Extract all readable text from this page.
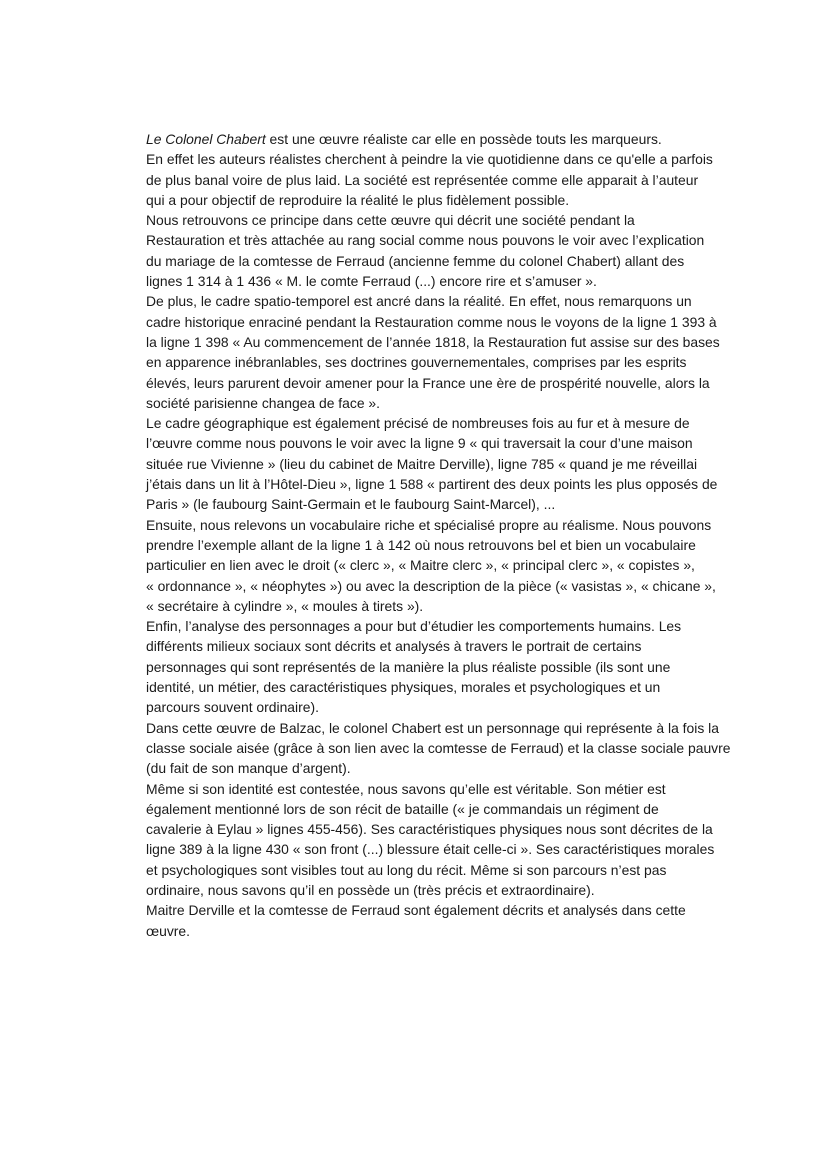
Le Colonel Chabert est une œuvre réaliste car elle en possède touts les marqueurs.
En effet les auteurs réalistes cherchent à peindre la vie quotidienne dans ce qu'elle a parfois
de plus banal voire de plus laid. La société est représentée comme elle apparait à l’auteur
qui a pour objectif de reproduire la réalité le plus fidèlement possible.
Nous retrouvons ce principe dans cette œuvre qui décrit une société pendant la
Restauration et très attachée au rang social comme nous pouvons le voir avec l’explication
du mariage de la comtesse de Ferraud (ancienne femme du colonel Chabert) allant des
lignes 1 314 à 1 436 « M. le comte Ferraud (...) encore rire et s’amuser ».
De plus, le cadre spatio-temporel est ancré dans la réalité. En effet, nous remarquons un
cadre historique enraciné pendant la Restauration comme nous le voyons de la ligne 1 393 à
la ligne 1 398 « Au commencement de l’année 1818, la Restauration fut assise sur des bases
en apparence inébranlables, ses doctrines gouvernementales, comprises par les esprits
élevés, leurs parurent devoir amener pour la France une ère de prospérité nouvelle, alors la
société parisienne changea de face ».
Le cadre géographique est également précisé de nombreuses fois au fur et à mesure de
l’œuvre comme nous pouvons le voir avec la ligne 9 « qui traversait la cour d’une maison
située rue Vivienne » (lieu du cabinet de Maitre Derville), ligne 785 « quand je me réveillai
j’étais dans un lit à l’Hôtel-Dieu », ligne 1 588 « partirent des deux points les plus opposés de
Paris » (le faubourg Saint-Germain et le faubourg Saint-Marcel), ...
Ensuite, nous relevons un vocabulaire riche et spécialisé propre au réalisme. Nous pouvons
prendre l’exemple allant de la ligne 1 à 142 où nous retrouvons bel et bien un vocabulaire
particulier en lien avec le droit (« clerc », « Maitre clerc », « principal clerc », « copistes »,
« ordonnance », « néophytes ») ou avec la description de la pièce (« vasistas », « chicane »,
« secrétaire à cylindre », « moules à tirets »).
Enfin, l’analyse des personnages a pour but d’étudier les comportements humains. Les
différents milieux sociaux sont décrits et analysés à travers le portrait de certains
personnages qui sont représentés de la manière la plus réaliste possible (ils sont une
identité, un métier, des caractéristiques physiques, morales et psychologiques et un
parcours souvent ordinaire).
Dans cette œuvre de Balzac, le colonel Chabert est un personnage qui représente à la fois la
classe sociale aisée (grâce à son lien avec la comtesse de Ferraud) et la classe sociale pauvre
(du fait de son manque d’argent).
Même si son identité est contestée, nous savons qu’elle est véritable. Son métier est
également mentionné lors de son récit de bataille (« je commandais un régiment de
cavalerie à Eylau » lignes 455-456). Ses caractéristiques physiques nous sont décrites de la
ligne 389 à la ligne 430 « son front (...) blessure était celle-ci ». Ses caractéristiques morales
et psychologiques sont visibles tout au long du récit. Même si son parcours n’est pas
ordinaire, nous savons qu’il en possède un (très précis et extraordinaire).
Maitre Derville et la comtesse de Ferraud sont également décrits et analysés dans cette
œuvre.
